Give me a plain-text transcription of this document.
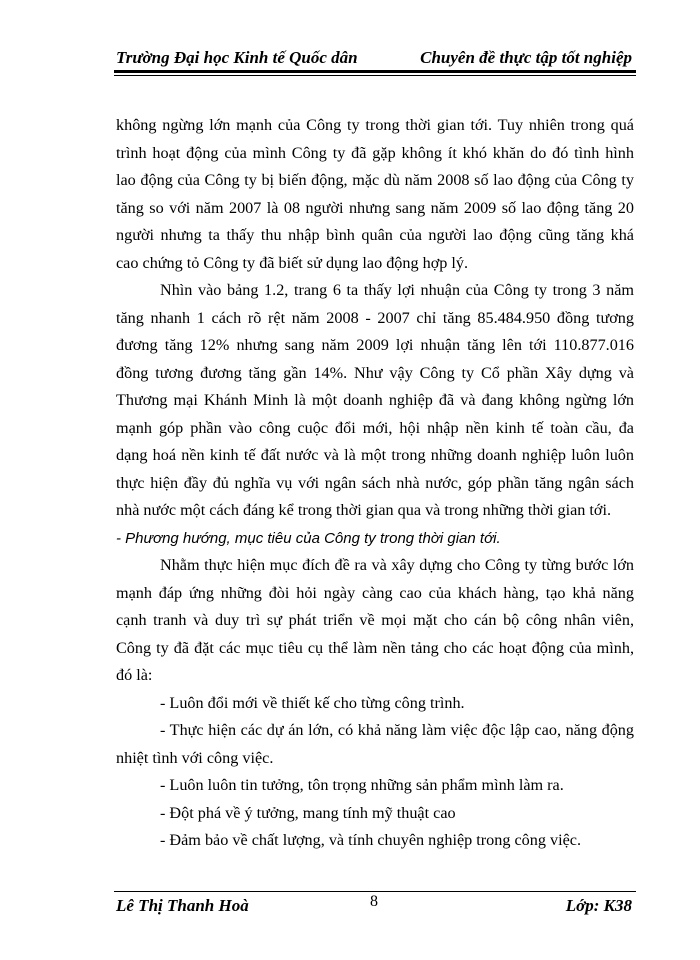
Trường Đại học Kinh tế Quốc dân	Chuyên đề thực tập tốt nghiệp
không ngừng lớn mạnh của Công ty trong thời gian tới. Tuy nhiên trong quá
trình hoạt động của mình Công ty đã gặp không ít khó khăn do đó tình hình
lao động của Công ty bị biến động, mặc dù năm 2008 số lao động của Công ty
tăng so với năm 2007 là 08 người nhưng sang năm 2009 số lao động tăng 20
người nhưng ta thấy thu nhập bình quân của người lao động cũng tăng khá
cao chứng tỏ Công ty đã biết sử dụng lao động hợp lý.
Nhìn vào bảng 1.2, trang 6 ta thấy lợi nhuận của Công ty trong 3 năm
tăng nhanh 1 cách rõ rệt năm 2008 - 2007 chỉ tăng 85.484.950 đồng tương
đương tăng 12% nhưng sang năm 2009 lợi nhuận tăng lên tới 110.877.016
đồng tương đương tăng gần 14%. Như vậy Công ty Cổ phần Xây dựng và
Thương mại Khánh Minh là một doanh nghiệp đã và đang không ngừng lớn
mạnh góp phần vào công cuộc đổi mới, hội nhập nền kinh tế toàn cầu, đa
dạng hoá nền kinh tế đất nước và là một trong những doanh nghiệp luôn luôn
thực hiện đầy đủ nghĩa vụ với ngân sách nhà nước, góp phần tăng ngân sách
nhà nước một cách đáng kể trong thời gian qua và trong những thời gian tới.
- Phương hướng, mục tiêu của Công ty trong thời gian tới.
Nhằm thực hiện mục đích đề ra và xây dựng cho Công ty từng bước lớn
mạnh đáp ứng những đòi hỏi ngày càng cao của khách hàng, tạo khả năng
cạnh tranh và duy trì sự phát triển về mọi mặt cho cán bộ công nhân viên,
Công ty đã đặt các mục tiêu cụ thể làm nền tảng cho các hoạt động của mình,
đó là:
- Luôn đổi mới về thiết kế cho từng công trình.
- Thực hiện các dự án lớn, có khả năng làm việc độc lập cao, năng động
nhiệt tình với công việc.
- Luôn luôn tin tưởng, tôn trọng những sản phẩm mình làm ra.
- Đột phá về ý tưởng, mang tính mỹ thuật cao
- Đảm bảo về chất lượng, và tính chuyên nghiệp trong công việc.
Lê Thị Thanh Hoà	8	Lớp: K38
